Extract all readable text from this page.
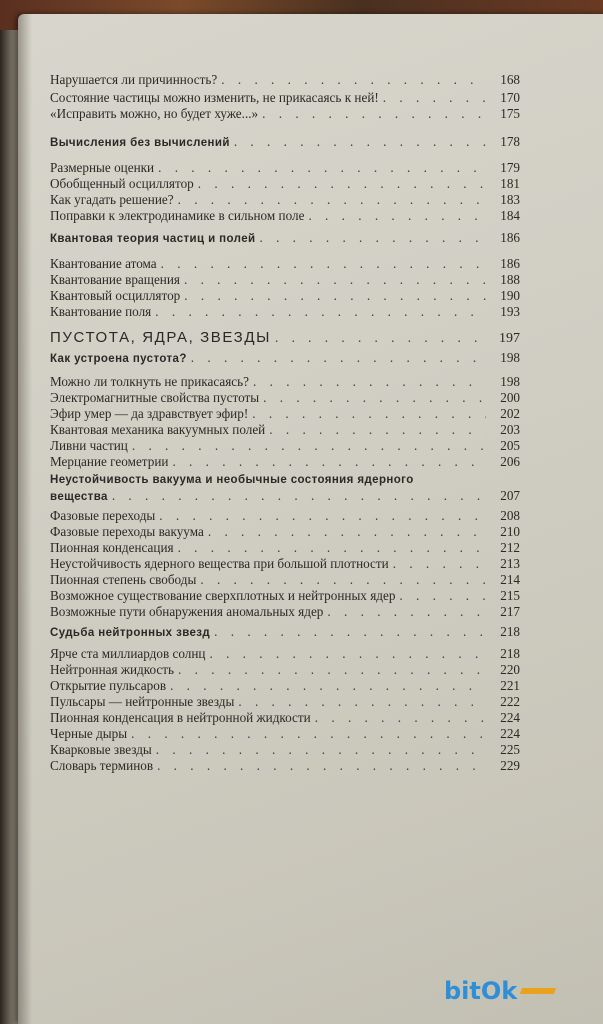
Нарушается ли причинность? . . .	168
Состояние частицы можно изменить, не прикасаясь к ней! . . .	170
«Исправить можно, но будет хуже...» . . .	175
Вычисления без вычислений . . .	178
Размерные оценки . . .	179
Обобщенный осциллятор . . .	181
Как угадать решение? . . .	183
Поправки к электродинамике в сильном поле . . .	184
Квантовая теория частиц и полей . . .	186
Квантование атома . . .	186
Квантование вращения . . .	188
Квантовый осциллятор . . .	190
Квантование поля . . .	193
ПУСТОТА, ЯДРА, ЗВЕЗДЫ . . .	197
Как устроена пустота? . . .	198
Можно ли толкнуть не прикасаясь? . . .	198
Электромагнитные свойства пустоты . . .	200
Эфир умер — да здравствует эфир! . . .	202
Квантовая механика вакуумных полей . . .	203
Ливни частиц . . .	205
Мерцание геометрии . . .	206
Неустойчивость вакуума и необычные состояния ядерного
вещества . . .	207
Фазовые переходы . . .	208
Фазовые переходы вакуума . . .	210
Пионная конденсация . . .	212
Неустойчивость ядерного вещества при большой плотности . . .	213
Пионная степень свободы . . .	214
Возможное существование сверхплотных и нейтронных ядер . . .	215
Возможные пути обнаружения аномальных ядер . . .	217
Судьба нейтронных звезд . . .	218
Ярче ста миллиардов солнц . . .	218
Нейтронная жидкость . . .	220
Открытие пульсаров . . .	221
Пульсары — нейтронные звезды . . .	222
Пионная конденсация в нейтронной жидкости . . .	224
Черные дыры . . .	224
Кварковые звезды . . .	225
Словарь терминов . . .	229
bitOk
